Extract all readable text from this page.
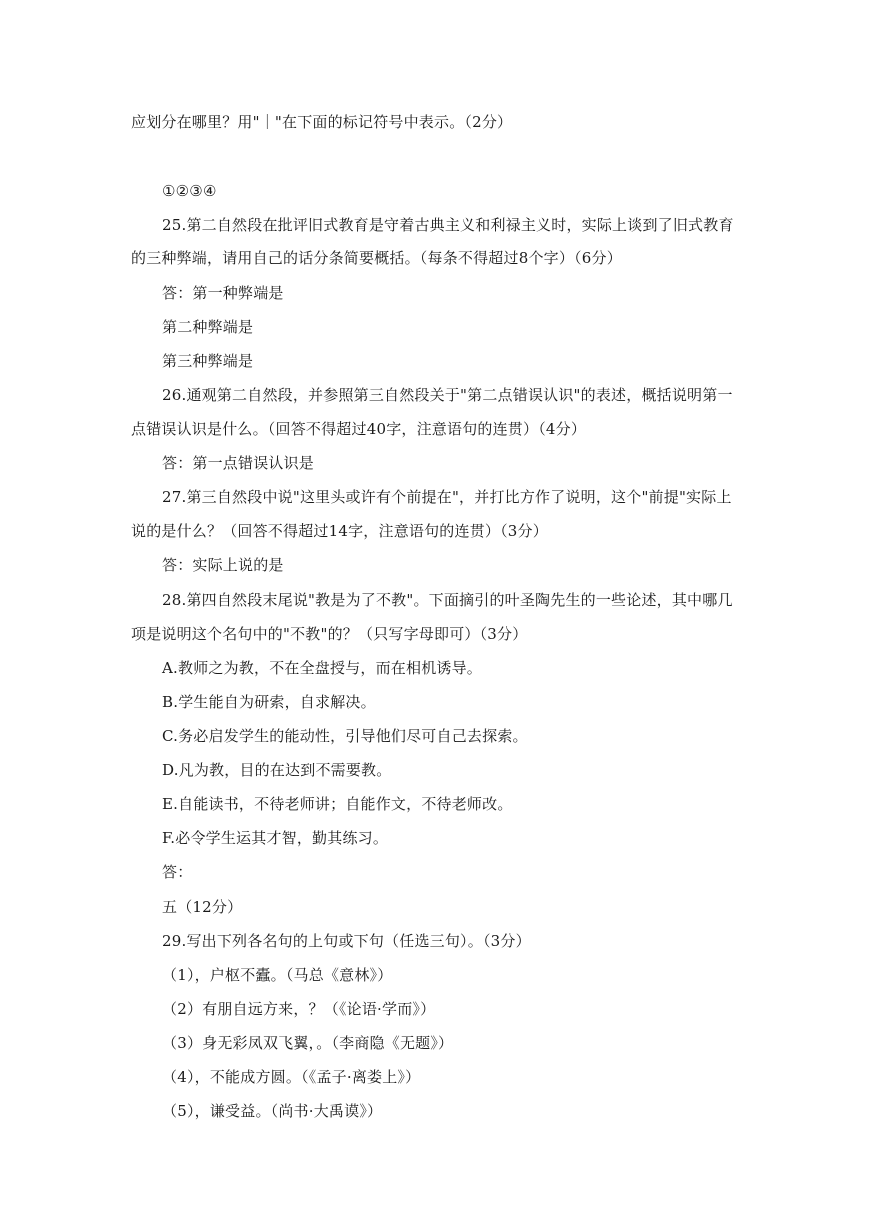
应划分在哪里？用"｜"在下面的标记符号中表示。（2分）
①②③④
25.第二自然段在批评旧式教育是守着古典主义和利禄主义时，实际上谈到了旧式教育
的三种弊端，请用自己的话分条简要概括。（每条不得超过8个字）（6分）
答：第一种弊端是
第二种弊端是
第三种弊端是
26.通观第二自然段，并参照第三自然段关于"第二点错误认识"的表述，概括说明第一
点错误认识是什么。（回答不得超过40字，注意语句的连贯）（4分）
答：第一点错误认识是
27.第三自然段中说"这里头或许有个前提在"，并打比方作了说明，这个"前提"实际上
说的是什么？（回答不得超过14字，注意语句的连贯）（3分）
答：实际上说的是
28.第四自然段末尾说"教是为了不教"。下面摘引的叶圣陶先生的一些论述，其中哪几
项是说明这个名句中的"不教"的？（只写字母即可）（3分）
A.教师之为教，不在全盘授与，而在相机诱导。
B.学生能自为研索，自求解决。
C.务必启发学生的能动性，引导他们尽可自己去探索。
D.凡为教，目的在达到不需要教。
E.自能读书，不待老师讲；自能作文，不待老师改。
F.必令学生运其才智，勤其练习。
答：
五（12分）
29.写出下列各名句的上句或下句（任选三句）。（3分）
（1），户枢不蠹。（马总《意林》）
（2）有朋自远方来，？（《论语·学而》）
（3）身无彩凤双飞翼，。（李商隐《无题》）
（4），不能成方圆。（《孟子·离娄上》）
（5），谦受益。（尚书·大禹谟》）
